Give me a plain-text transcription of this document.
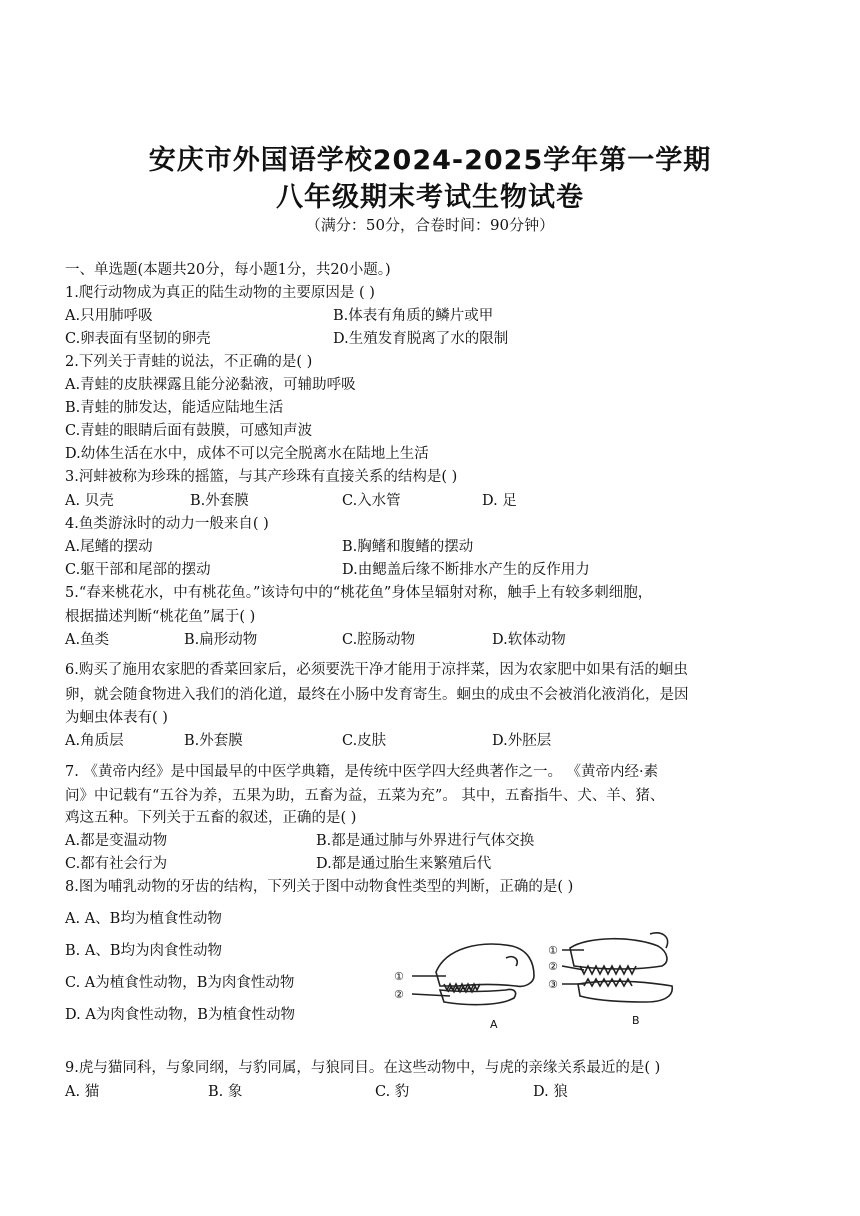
安庆市外国语学校2024-2025学年第一学期
八年级期末考试生物试卷
（满分：50分，合卷时间：90分钟）
一、单选题(本题共20分，每小题1分，共20小题。)
1.爬行动物成为真正的陆生动物的主要原因是 ( )
A.只用肺呼吸	B.体表有角质的鳞片或甲
C.卵表面有坚韧的卵壳	D.生殖发育脱离了水的限制
2.下列关于青蛙的说法，不正确的是( )
A.青蛙的皮肤裸露且能分泌黏液，可辅助呼吸
B.青蛙的肺发达，能适应陆地生活
C.青蛙的眼睛后面有鼓膜，可感知声波
D.幼体生活在水中，成体不可以完全脱离水在陆地上生活
3.河蚌被称为珍珠的摇篮，与其产珍珠有直接关系的结构是( )
A. 贝壳	B.外套膜	C.入水管	D. 足
4.鱼类游泳时的动力一般来自( )
A.尾鳍的摆动	B.胸鳍和腹鳍的摆动
C.躯干部和尾部的摆动	D.由鳃盖后缘不断排水产生的反作用力
5.“春来桃花水，中有桃花鱼。”该诗句中的“桃花鱼”身体呈辐射对称，触手上有较多刺细胞，
根据描述判断“桃花鱼”属于( )
A.鱼类	B.扁形动物	C.腔肠动物	D.软体动物
6.购买了施用农家肥的香菜回家后，必须要洗干净才能用于凉拌菜，因为农家肥中如果有活的蛔虫
卵，就会随食物进入我们的消化道，最终在小肠中发育寄生。蛔虫的成虫不会被消化液消化，是因
为蛔虫体表有( )
A.角质层	B.外套膜	C.皮肤	D.外胚层
7. 《黄帝内经》是中国最早的中医学典籍，是传统中医学四大经典著作之一。 《黄帝内经·素
问》中记载有“五谷为养，五果为助，五畜为益，五菜为充”。 其中，五畜指牛、犬、羊、猪、
鸡这五种。下列关于五畜的叙述，正确的是( )
A.都是变温动物	B.都是通过肺与外界进行气体交换
C.都有社会行为	D.都是通过胎生来繁殖后代
8.图为哺乳动物的牙齿的结构，下列关于图中动物食性类型的判断，正确的是( )
A. A、B均为植食性动物
B. A、B均为肉食性动物
C. A为植食性动物，B为肉食性动物
D. A为肉食性动物，B为植食性动物
①
②
①
②
③
A	B
9.虎与猫同科，与象同纲，与豹同属，与狼同目。在这些动物中，与虎的亲缘关系最近的是( )
A. 猫	B. 象	C. 豹	D. 狼
